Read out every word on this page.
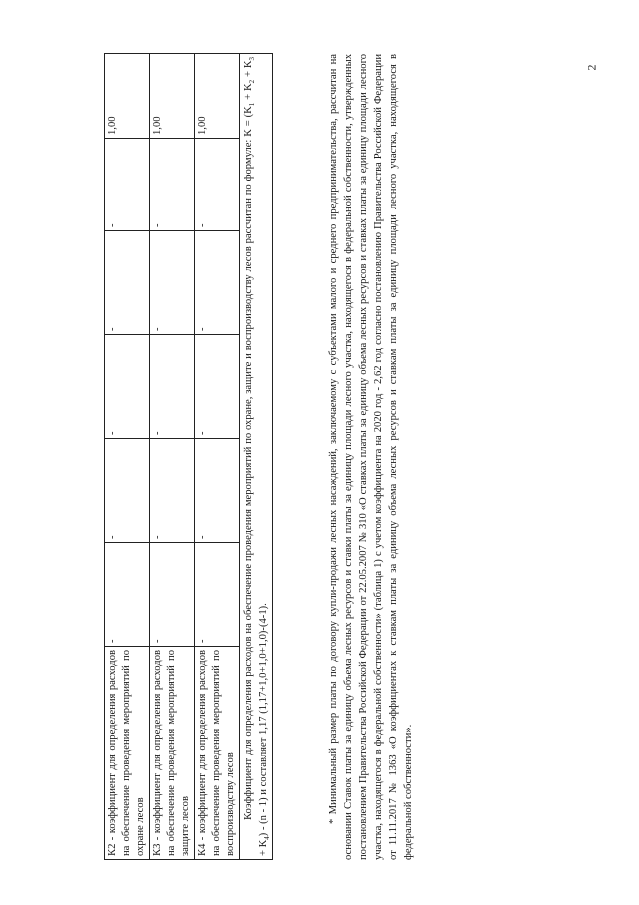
2
К2 - коэффициент для определения расходов на обеспечение проведения мероприятий по охране лесов	-	-	-	-	-	1,00
К3 - коэффициент для определения расходов на обеспечение проведения мероприятий по защите лесов	-	-	-	-	-	1,00
К4 - коэффициент для определения расходов на обеспечение проведения мероприятий по воспроизводству лесов	-	-	-	-	-	1,00
Коэффициент для определения расходов на обеспечение проведения мероприятий по охране, защите и воспроизводству лесов рассчитан по формуле: $K = (K_1 + K_2 + K_3 + K_4) - (n - 1)$ и составляет 1,17 (1,17+1,0+1,0+1,0)-(4-1).							* Минимальный размер платы по договору купли-продажи лесных насаждений, заключаемому с субъектами малого и среднего предпринимательства, рассчитан на основании Ставок платы за единицу объема лесных ресурсов и ставки платы за единицу площади лесного участка, находящегося в федеральной собственности, утвержденных постановлением Правительства Российской Федерации от 22.05.2007 № 310 «О ставках платы за единицу объема лесных ресурсов и ставках платы за единицу площади лесного участка, находящегося в федеральной собственности» (таблица 1) с учетом коэффициента на 2020 год - 2,62 год согласно постановлению Правительства Российской Федерации от 11.11.2017 № 1363 «О коэффициентах к ставкам платы за единицу объема лесных ресурсов и ставкам платы за единицу площади лесного участка, находящегося в федеральной собственности».
